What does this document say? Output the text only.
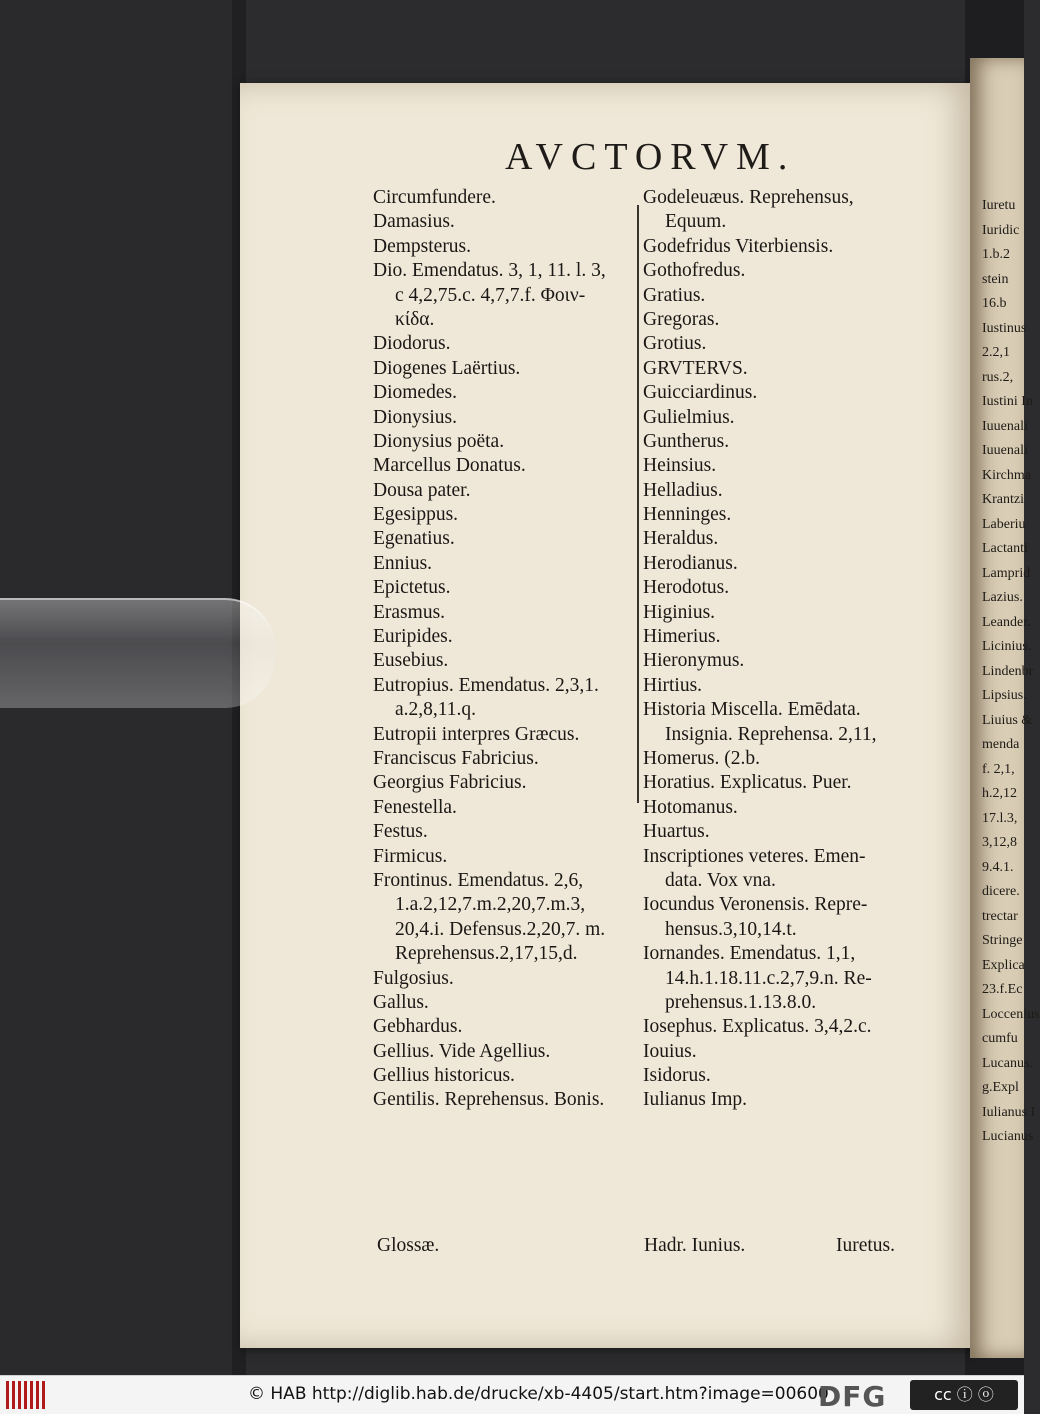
AVCTORVM.
Circumfundere.
Damasius.
Dempsterus.
Dio. Emendatus. 3, 1, 11. l. 3,
c 4,2,75.c. 4,7,7.f. Φοιν-
κίδα.
Diodorus.
Diogenes Laërtius.
Diomedes.
Dionysius.
Dionysius poëta.
Marcellus Donatus.
Dousa pater.
Egesippus.
Egenatius.
Ennius.
Epictetus.
Erasmus.
Euripides.
Eusebius.
Eutropius. Emendatus. 2,3,1.
a.2,8,11.q.
Eutropii interpres Græcus.
Franciscus Fabricius.
Georgius Fabricius.
Fenestella.
Festus.
Firmicus.
Frontinus. Emendatus. 2,6,
1.a.2,12,7.m.2,20,7.m.3,
20,4.i. Defensus.2,20,7. m.
Reprehensus.2,17,15,d.
Fulgosius.
Gallus.
Gebhardus.
Gellius. Vide Agellius.
Gellius historicus.
Gentilis. Reprehensus. Bonis.
Godeleuæus. Reprehensus,
Equum.
Godefridus Viterbiensis.
Gothofredus.
Gratius.
Gregoras.
Grotius.
GRVTERVS.
Guicciardinus.
Gulielmius.
Guntherus.
Heinsius.
Helladius.
Henninges.
Heraldus.
Herodianus.
Herodotus.
Higinius.
Himerius.
Hieronymus.
Hirtius.
Historia Miscella. Emēdata.
Insignia. Reprehensa. 2,11,
Homerus. (2.b.
Horatius. Explicatus. Puer.
Hotomanus.
Huartus.
Inscriptiones veteres. Emen-
data. Vox vna.
Iocundus Veronensis. Repre-
hensus.3,10,14.t.
Iornandes. Emendatus. 1,1,
14.h.1.18.11.c.2,7,9.n. Re-
prehensus.1.13.8.0.
Iosephus. Explicatus. 3,4,2.c.
Iouius.
Isidorus.
Iulianus Imp.
Glossæ.	Hadr. Iunius.	Iuretus.
Iuretu
Iuridic
1.b.2
stein
16.b
Iustinus
2.2,1
rus.2,
Iustini In
Iuuenali
Iuuenali
Kirchma
Krantzi
Laberiu
Lactanti
Lamprid
Lazius.
Leander.
Licinius.
Lindenbr
Lipsius.
Liuius &
menda
f. 2,1,
h.2,12
17.l.3,
3,12,8
9.4.1.
dicere.
trectar
Stringe
Explica
23.f.Ec
Loccenius
cumfu
Lucanus.
g.Expl
Iulianus I
Lucianus
© HAB http://diglib.hab.de/drucke/xb-4405/start.htm?image=00600
DFG	cc ⓘ ⓞ
